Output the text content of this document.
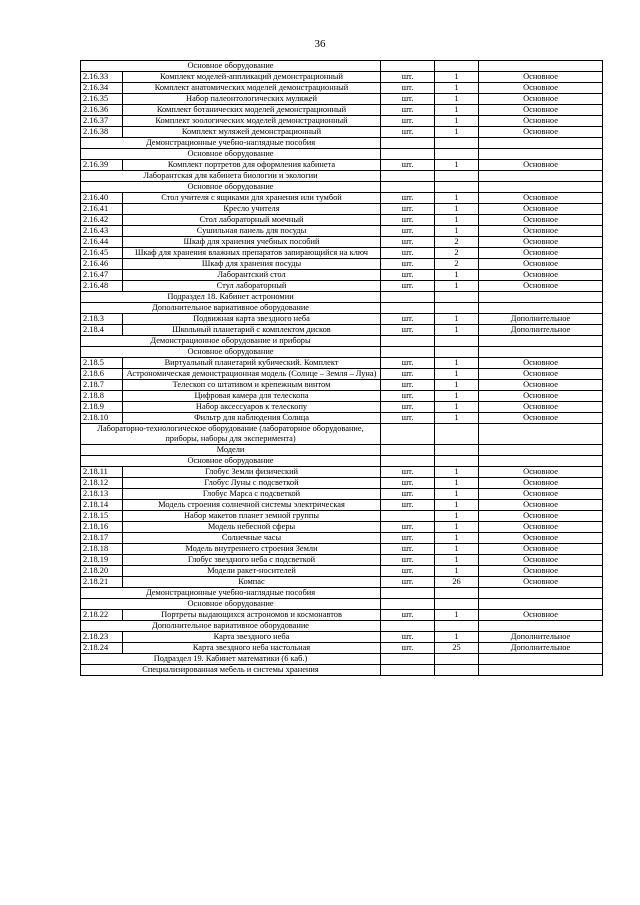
36
Основное оборудование				
2.16.33	Комплект моделей-аппликаций демонстрационный	шт.	1	Основное
2.16.34	Комплект анатомических моделей демонстрационный	шт.	1	Основное
2.16.35	Набор палеонтологических муляжей	шт.	1	Основное
2.16.36	Комплект ботанических моделей демонстрационный	шт.	1	Основное
2.16.37	Комплект зоологических моделей демонстрационный	шт.	1	Основное
2.16.38	Комплект муляжей демонстрационный	шт.	1	Основное
Демонстрационные учебно-наглядные пособия				
Основное оборудование				
2.16.39	Комплект портретов для оформления кабинета	шт.	1	Основное
Лаборантская для кабинета биологии и экологии				
Основное оборудование				
2.16.40	Стол учителя с ящиками для хранения или тумбой	шт.	1	Основное
2.16.41	Кресло учителя	шт.	1	Основное
2.16.42	Стол лабораторный моечный	шт.	1	Основное
2.16.43	Сушильная панель для посуды	шт.	1	Основное
2.16.44	Шкаф для хранения учебных пособий	шт.	2	Основное
2.16.45	Шкаф для хранения влажных препаратов запирающийся на ключ	шт.	2	Основное
2.16.46	Шкаф для хранения посуды	шт.	2	Основное
2.16.47	Лаборантский стол	шт.	1	Основное
2.16.48	Стул лабораторный	шт.	1	Основное
Подраздел 18. Кабинет астрономии				
Дополнительное вариативное оборудование				
2.18.3	Подвижная карта звездного неба	шт.	1	Дополнительное
2.18.4	Школьный планетарий с комплектом дисков	шт.	1	Дополнительное
Демонстрационное оборудование и приборы				
Основное оборудование				
2.18.5	Виртуальный планетарий кубический. Комплект	шт.	1	Основное
2.18.6	Астрономическая демонстрационная модель (Солнце – Земля – Луна)	шт.	1	Основное
2.18.7	Телескоп со штативом и крепежным винтом	шт.	1	Основное
2.18.8	Цифровая камера для телескопа	шт.	1	Основное
2.18.9	Набор аксессуаров к телескопу	шт.	1	Основное
2.18.10	Фильтр для наблюдения Солнца	шт.	1	Основное
Лабораторно-технологическое оборудование (лабораторное оборудование, приборы, наборы для эксперимента)				
Модели				
Основное оборудование				
2.18.11	Глобус Земли физический	шт.	1	Основное
2.18.12	Глобус Луны с подсветкой	шт.	1	Основное
2.18.13	Глобус Марса с подсветкой	шт.	1	Основное
2.18.14	Модель строения солнечной системы электрическая	шт.	1	Основное
2.18.15	Набор макетов планет земной группы		1	Основное
2.18.16	Модель небесной сферы	шт.	1	Основное
2.18.17	Солнечные часы	шт.	1	Основное
2.18.18	Модель внутреннего строения Земли	шт.	1	Основное
2.18.19	Глобус звездного неба с подсветкой	шт.	1	Основное
2.18.20	Модели ракет-носителей	шт.	1	Основное
2.18.21	Компас	шт.	26	Основное
Демонстрационные учебно-наглядные пособия				
Основное оборудование				
2.18.22	Портреты выдающихся астрономов и космонавтов	шт.	1	Основное
Дополнительное вариативное оборудование				
2.18.23	Карта звездного неба	шт.	1	Дополнительное
2.18.24	Карта звездного неба настольная	шт.	25	Дополнительное
Подраздел 19. Кабинет математики (6 каб.)				
Специализированная мебель и системы хранения				
